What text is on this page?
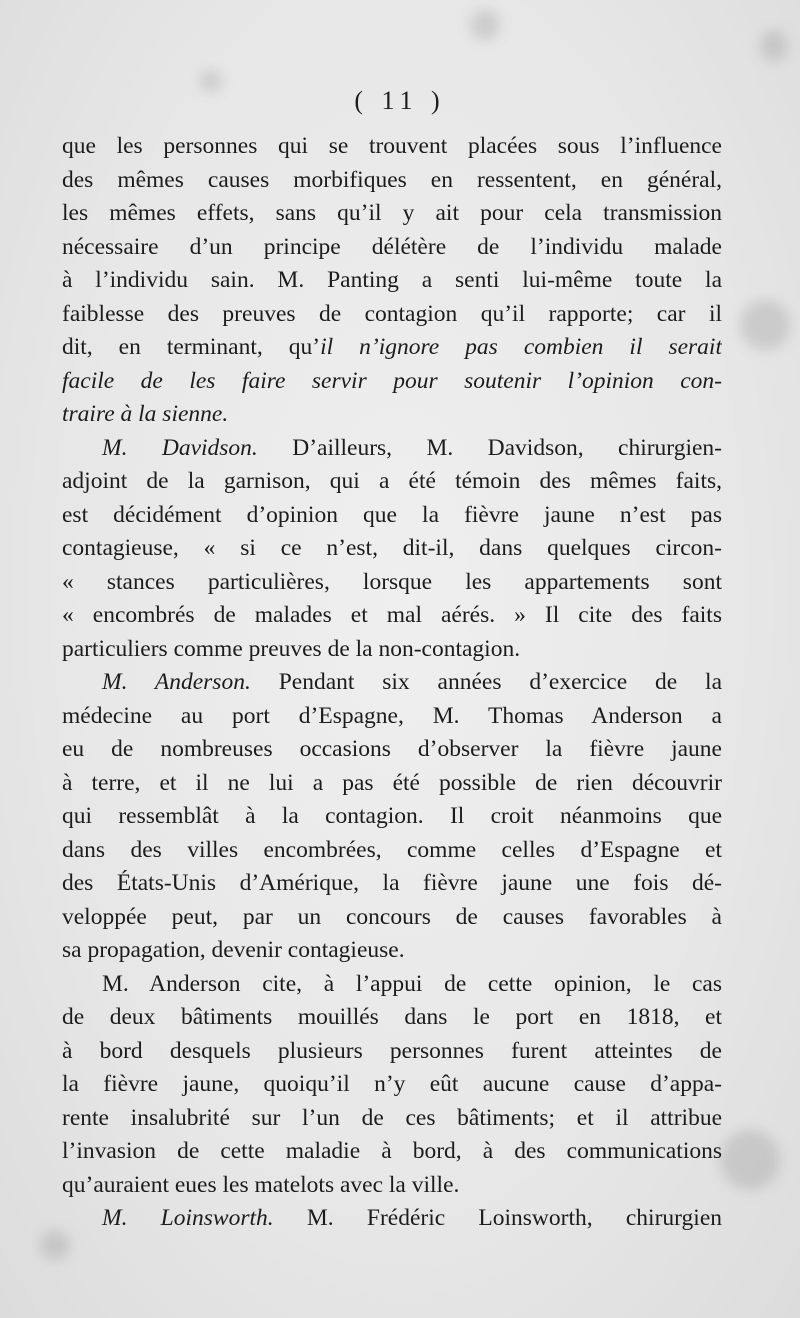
( 11 )
que les personnes qui se trouvent placées sous l’influence
des mêmes causes morbifiques en ressentent, en général,
les mêmes effets, sans qu’il y ait pour cela transmission
nécessaire d’un principe délétère de l’individu malade
à l’individu sain. M. Panting a senti lui-même toute la
faiblesse des preuves de contagion qu’il rapporte; car il
dit, en terminant, qu’il n’ignore pas combien il serait
facile de les faire servir pour soutenir l’opinion con-
traire à la sienne.
M. Davidson. D’ailleurs, M. Davidson, chirurgien-
adjoint de la garnison, qui a été témoin des mêmes faits,
est décidément d’opinion que la fièvre jaune n’est pas
contagieuse, « si ce n’est, dit-il, dans quelques circon-
« stances particulières, lorsque les appartements sont
« encombrés de malades et mal aérés. » Il cite des faits
particuliers comme preuves de la non-contagion.
M. Anderson. Pendant six années d’exercice de la
médecine au port d’Espagne, M. Thomas Anderson a
eu de nombreuses occasions d’observer la fièvre jaune
à terre, et il ne lui a pas été possible de rien découvrir
qui ressemblât à la contagion. Il croit néanmoins que
dans des villes encombrées, comme celles d’Espagne et
des États-Unis d’Amérique, la fièvre jaune une fois dé-
veloppée peut, par un concours de causes favorables à
sa propagation, devenir contagieuse.
M. Anderson cite, à l’appui de cette opinion, le cas
de deux bâtiments mouillés dans le port en 1818, et
à bord desquels plusieurs personnes furent atteintes de
la fièvre jaune, quoiqu’il n’y eût aucune cause d’appa-
rente insalubrité sur l’un de ces bâtiments; et il attribue
l’invasion de cette maladie à bord, à des communications
qu’auraient eues les matelots avec la ville.
M. Loinsworth. M. Frédéric Loinsworth, chirurgien
